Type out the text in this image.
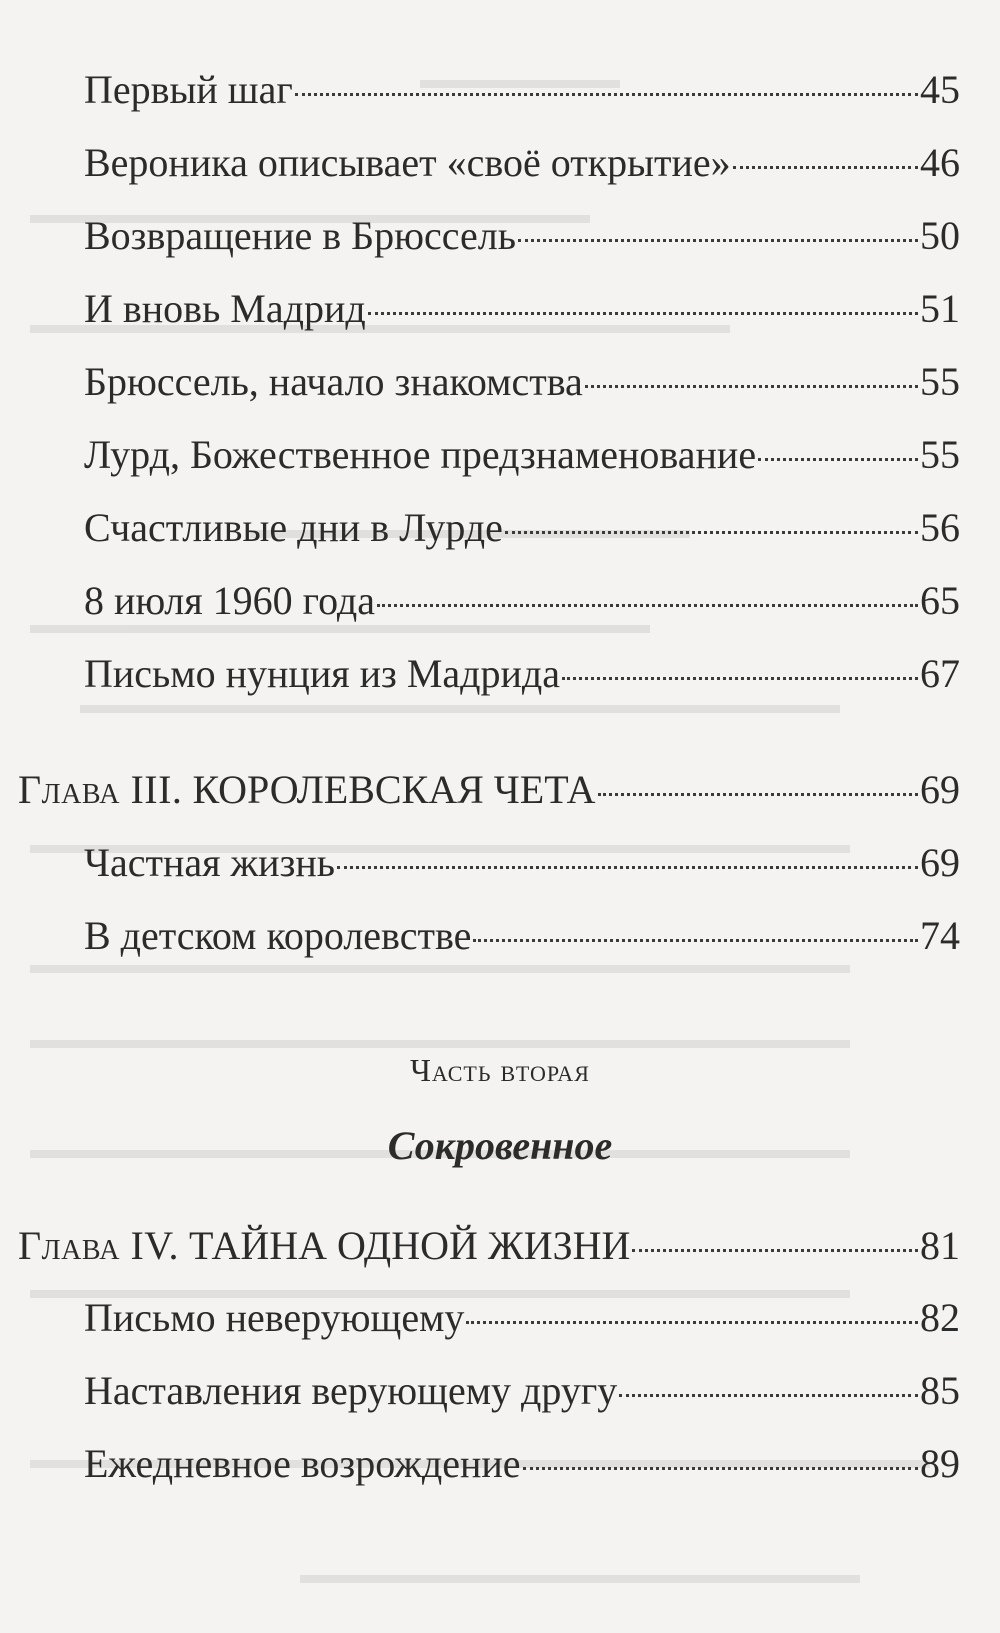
Первый шаг	45
Вероника описывает «своё открытие»	46
Возвращение в Брюссель	50
И вновь Мадрид	51
Брюссель, начало знакомства	55
Лурд, Божественное предзнаменование	55
Счастливые дни в Лурде	56
8 июля 1960 года	65
Письмо нунция из Мадрида	67
Глава III. КОРОЛЕВСКАЯ ЧЕТА	69
Частная жизнь	69
В детском королевстве	74
Часть вторая
Сокровенное
Глава IV. ТАЙНА ОДНОЙ ЖИЗНИ	81
Письмо неверующему	82
Наставления верующему другу	85
Ежедневное возрождение	89
